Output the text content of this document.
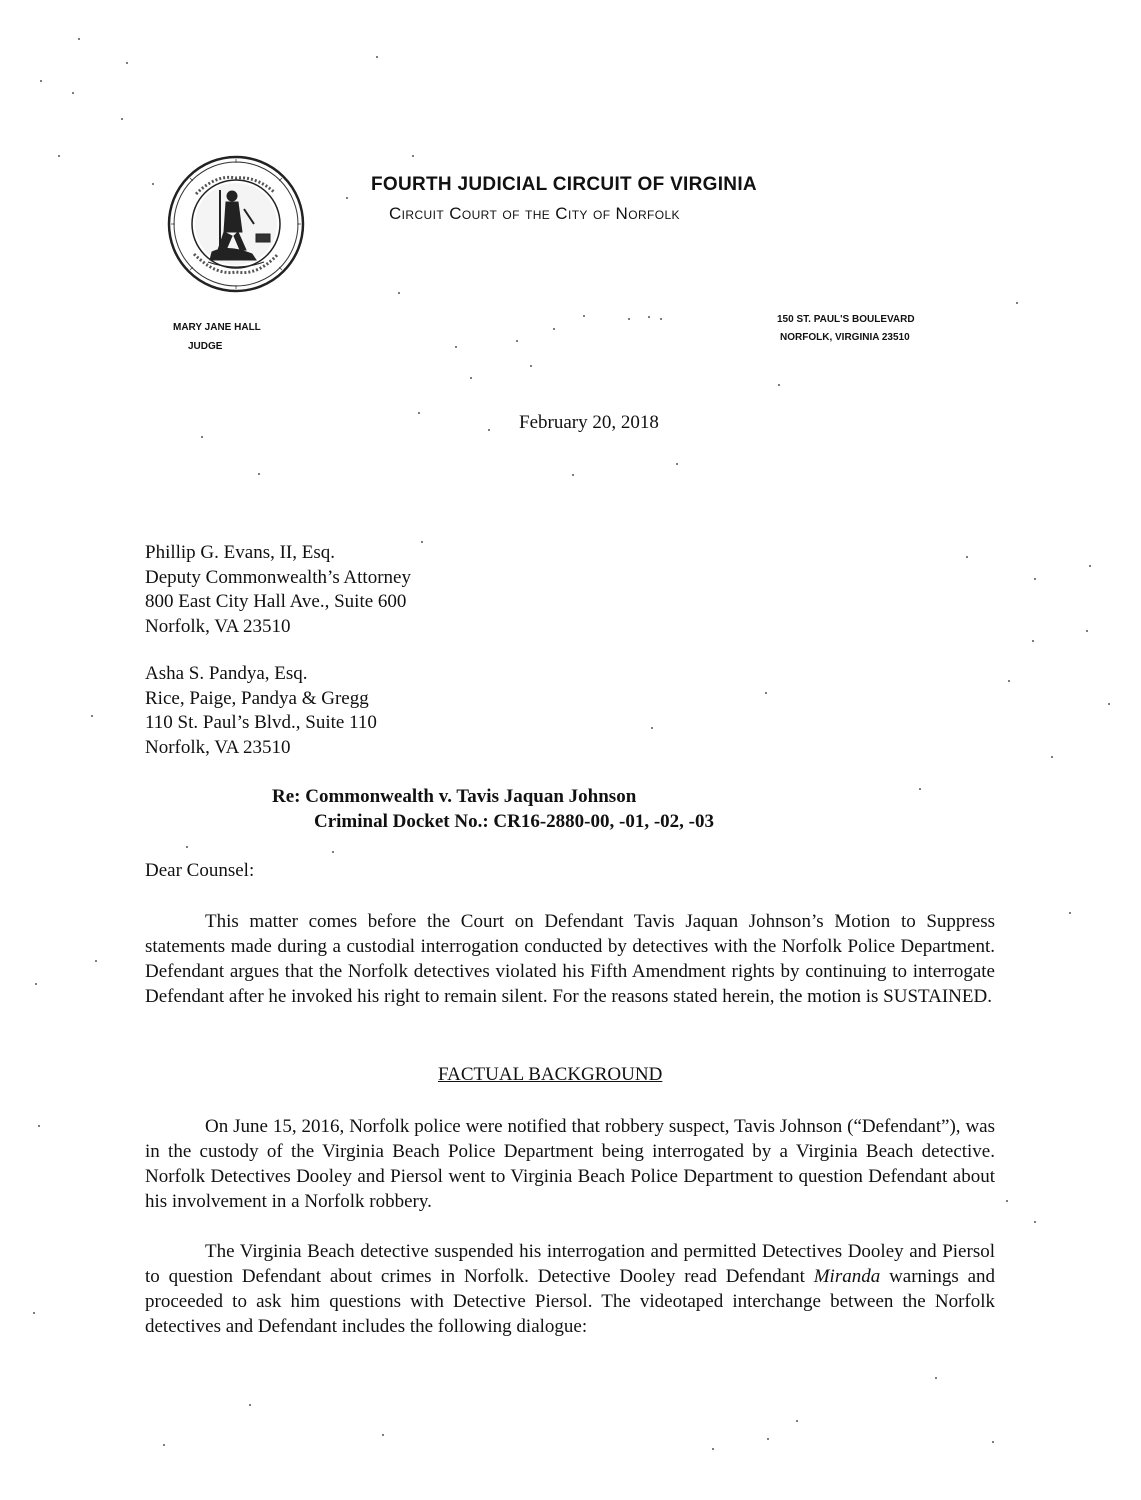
FOURTH JUDICIAL CIRCUIT OF VIRGINIA
Circuit Court of the City of Norfolk
MARY JANE HALL
JUDGE
150 ST. PAUL'S BOULEVARD
NORFOLK, VIRGINIA 23510
February 20, 2018
Phillip G. Evans, II, Esq.
Deputy Commonwealth’s Attorney
800 East City Hall Ave., Suite 600
Norfolk, VA 23510
Asha S. Pandya, Esq.
Rice, Paige, Pandya & Gregg
110 St. Paul’s Blvd., Suite 110
Norfolk, VA 23510
Re: Commonwealth v. Tavis Jaquan Johnson
Criminal Docket No.: CR16-2880-00, -01, -02, -03
Dear Counsel:

This matter comes before the Court on Defendant Tavis Jaquan Johnson’s Motion to Suppress statements made during a custodial interrogation conducted by detectives with the Norfolk Police Department. Defendant argues that the Norfolk detectives violated his Fifth Amendment rights by continuing to interrogate Defendant after he invoked his right to remain silent. For the reasons stated herein, the motion is SUSTAINED.

FACTUAL BACKGROUND

On June 15, 2016, Norfolk police were notified that robbery suspect, Tavis Johnson (“Defendant”), was in the custody of the Virginia Beach Police Department being interrogated by a Virginia Beach detective. Norfolk Detectives Dooley and Piersol went to Virginia Beach Police Department to question Defendant about his involvement in a Norfolk robbery.

The Virginia Beach detective suspended his interrogation and permitted Detectives Dooley and Piersol to question Defendant about crimes in Norfolk. Detective Dooley read Defendant Miranda warnings and proceeded to ask him questions with Detective Piersol. The videotaped interchange between the Norfolk detectives and Defendant includes the following dialogue:
